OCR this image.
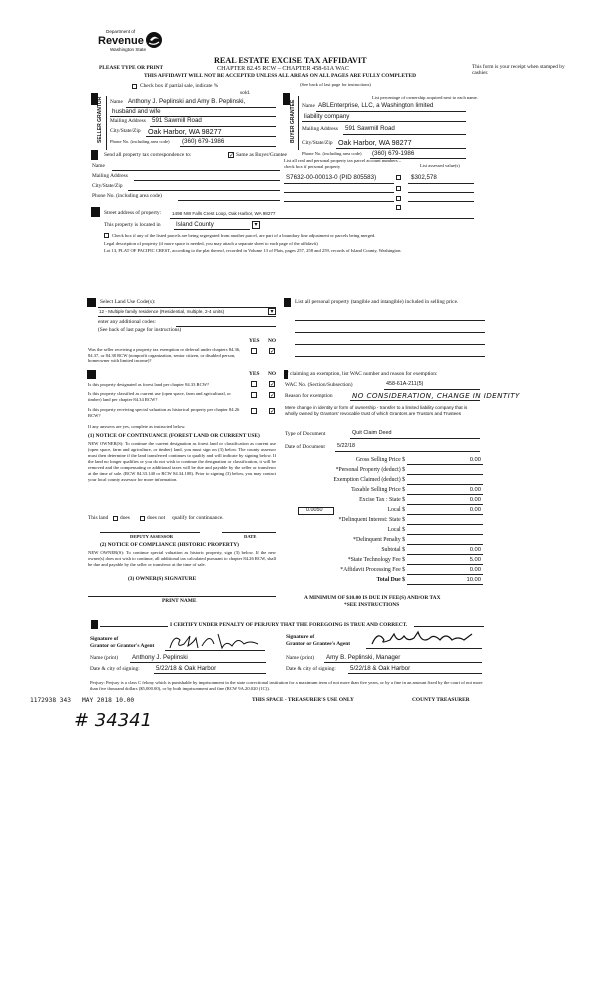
Department of
Revenue
Washington State
PLEASE TYPE OR PRINT
REAL ESTATE EXCISE TAX AFFIDAVIT
CHAPTER 82.45 RCW – CHAPTER 458-61A WAC
THIS AFFIDAVIT WILL NOT BE ACCEPTED UNLESS ALL AREAS ON ALL PAGES ARE FULLY COMPLETED
This form is your receipt when stamped by cashier.
(See back of last page for instructions)
Check box if partial sale, indicate %
sold.
SELLER GRANTOR	BUYER GRANTEE
List percentage of ownership acquired next to each name.
Name Anthony J. Peplinski and Amy B. Peplinski,
husband and wife
Mailing Address 591 Sawmill Road
City/State/Zip Oak Harbor, WA 98277
Phone No. (including area code) (360) 679-1986
Name ABLEnterprise, LLC, a Washington limited
liability company
Mailing Address 591 Sawmill Road
City/State/Zip Oak Harbor, WA 98277
Phone No. (including area code) (360) 679-1986
Send all property tax correspondence to:	✓ Same as Buyer/Grantee
Name
Mailing Address
City/State/Zip
Phone No. (including area code)
List all real and personal property tax parcel account numbers – check box if personal property	List assessed value(s)
S7632-00-00013-0 (PID 805583)	$302,578
Street address of property: 1498 NW Falls Crest Loop, Oak Harbor, WA 98277
This property is located in Island County	▾
Check box if any of the listed parcels are being segregated from another parcel, are part of a boundary line adjustment or parcels being merged.
Legal description of property (if more space is needed, you may attach a separate sheet to each page of the affidavit)
Lot 13, PLAT OF PACIFIC CREST, according to the plat thereof, recorded in Volume 13 of Plats, pages 257, 258 and 259, records of Island County, Washington.
Select Land Use Code(s):
12 - Multiple family residence (Residential, multiple, 2-4 units)	▾
enter any additional codes:
(See back of last page for instructions)
YES NO
Was the seller receiving a property tax exemption or deferral under chapters 84.36, 84.37, or 84.38 RCW (nonprofit organization, senior citizen, or disabled person, homeowner with limited income)?
✓
YES NO
Is this property designated as forest land per chapter 84.33 RCW?	✓
Is this property classified as current use (open space, farm and agricultural, or timber) land per chapter 84.34 RCW?	✓
Is this property receiving special valuation as historical property per chapter 84.26 RCW?	✓
If any answers are yes, complete as instructed below.
(1) NOTICE OF CONTINUANCE (FOREST LAND OR CURRENT USE)
NEW OWNER(S): To continue the current designation as forest land or classification as current use (open space, farm and agriculture, or timber) land, you must sign on (3) below. The county assessor must then determine if the land transferred continues to qualify and will indicate by signing below. If the land no longer qualifies or you do not wish to continue the designation or classification, it will be removed and the compensating or additional taxes will be due and payable by the seller or transferor at the time of sale. (RCW 84.33.140 or RCW 84.34.108). Prior to signing (3) below, you may contact your local county assessor for more information.
This land does	does not qualify for continuance.
DEPUTY ASSESSOR	DATE
(2) NOTICE OF COMPLIANCE (HISTORIC PROPERTY)
NEW OWNER(S): To continue special valuation as historic property, sign (3) below. If the new owner(s) does not wish to continue, all additional tax calculated pursuant to chapter 84.26 RCW, shall be due and payable by the seller or transferor at the time of sale.
(3) OWNER(S) SIGNATURE
PRINT NAME
List all personal property (tangible and intangible) included in selling price.
If claiming an exemption, list WAC number and reason for exemption:
WAC No. (Section/Subsection)	458-61A-211(5)
Reason for exemption	NO CONSIDERATION, CHANGE IN IDENTITY
Mere change in identity or form of ownership - transfer to a limited liability company that is wholly owned by Grantors' revocable trust of which Grantors are Trustors and Trustees
Type of Document	Quit Claim Deed
Date of Document 5/22/18
Gross Selling Price $	0.00
*Personal Property (deduct) $
Exemption Claimed (deduct) $
Taxable Selling Price $	0.00
Excise Tax : State $	0.00
Local $	0.00
*Delinquent Interest: State $
Local $
*Delinquent Penalty $
Subtotal $	0.00
*State Technology Fee $	5.00
*Affidavit Processing Fee $	0.00
Total Due $	10.00
0.0050
A MINIMUM OF $10.00 IS DUE IN FEE(S) AND/OR TAX
*SEE INSTRUCTIONS
I CERTIFY UNDER PENALTY OF PERJURY THAT THE FOREGOING IS TRUE AND CORRECT.
Signature of
Grantor or Grantor's Agent
Signature of
Grantor or Grantee's Agent
Name (print) Anthony J. Peplinski	Name (print) Amy B. Peplinski, Manager
Date & city of signing:	5/22/18 & Oak Harbor	Date & city of signing: 5/22/18 & Oak Harbor
Perjury: Perjury is a class C felony which is punishable by imprisonment in the state correctional institution for a maximum term of not more than five years, or by a fine in an amount fixed by the court of not more than five thousand dollars ($5,000.00), or by both imprisonment and fine (RCW 9A.20.020 (1C)).
1172938 343 MAY 2018 10.00	THIS SPACE - TREASURER'S USE ONLY	COUNTY TREASURER
# 34341
